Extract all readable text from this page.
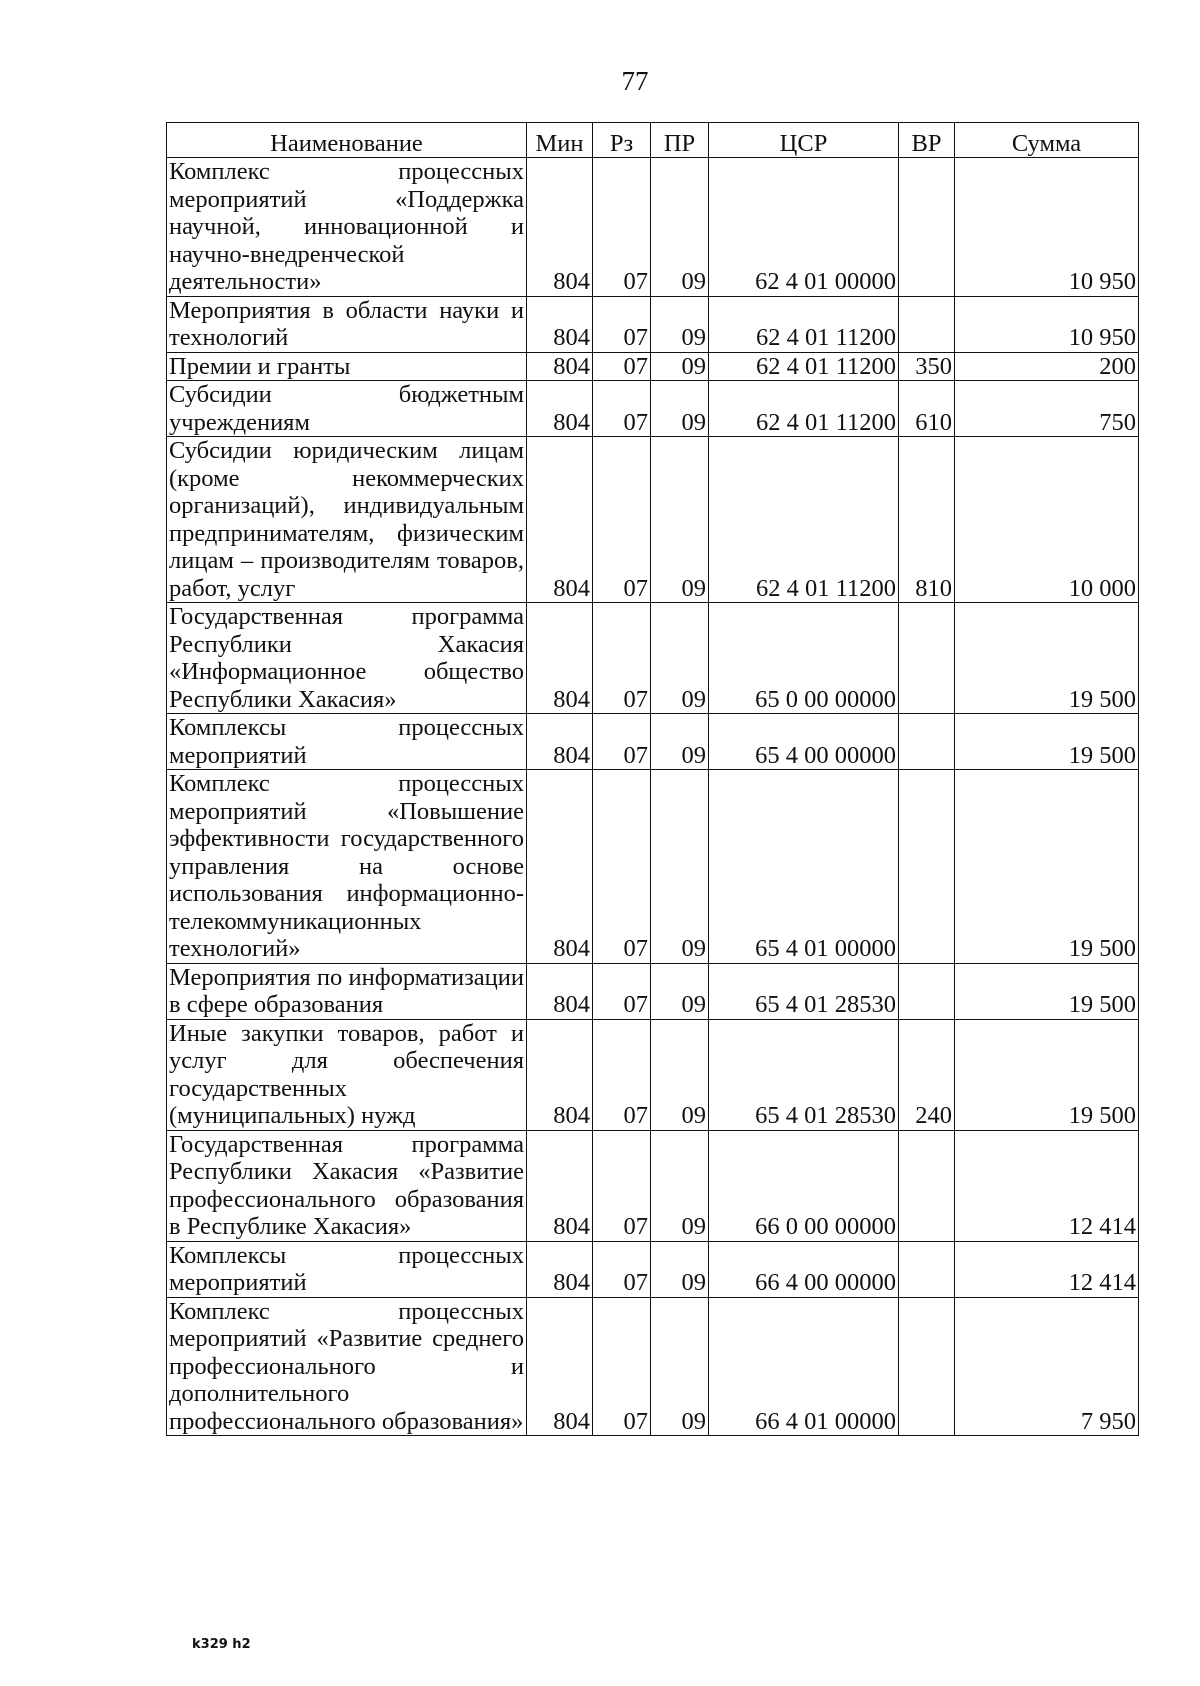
77
Наименование	Мин	Рз	ПР	ЦСР	ВР	Сумма
Комплекс процессных мероприятий «Поддержка научной, инновационной и научно-внедренческой деятельности»	804	07	09	62 4 01 00000		10 950
Мероприятия в области науки и технологий	804	07	09	62 4 01 11200		10 950
Премии и гранты	804	07	09	62 4 01 11200	350	200
Субсидии бюджетным учреждениям	804	07	09	62 4 01 11200	610	750
Субсидии юридическим лицам (кроме некоммерческих организаций), индивидуальным предпринимателям, физическим лицам – производителям товаров, работ, услуг	804	07	09	62 4 01 11200	810	10 000
Государственная программа Республики Хакасия «Информационное общество Республики Хакасия»	804	07	09	65 0 00 00000		19 500
Комплексы процессных мероприятий	804	07	09	65 4 00 00000		19 500
Комплекс процессных мероприятий «Повышение эффективности государственного управления на основе использования информационно-телекоммуникационных технологий»	804	07	09	65 4 01 00000		19 500
Мероприятия по информатизации в сфере образования	804	07	09	65 4 01 28530		19 500
Иные закупки товаров, работ и услуг для обеспечения государственных (муниципальных) нужд	804	07	09	65 4 01 28530	240	19 500
Государственная программа Республики Хакасия «Развитие профессионального образования в Республике Хакасия»	804	07	09	66 0 00 00000		12 414
Комплексы процессных мероприятий	804	07	09	66 4 00 00000		12 414
Комплекс процессных мероприятий «Развитие среднего профессионального и дополнительного профессионального образования»	804	07	09	66 4 01 00000		7 950
k329 h2
